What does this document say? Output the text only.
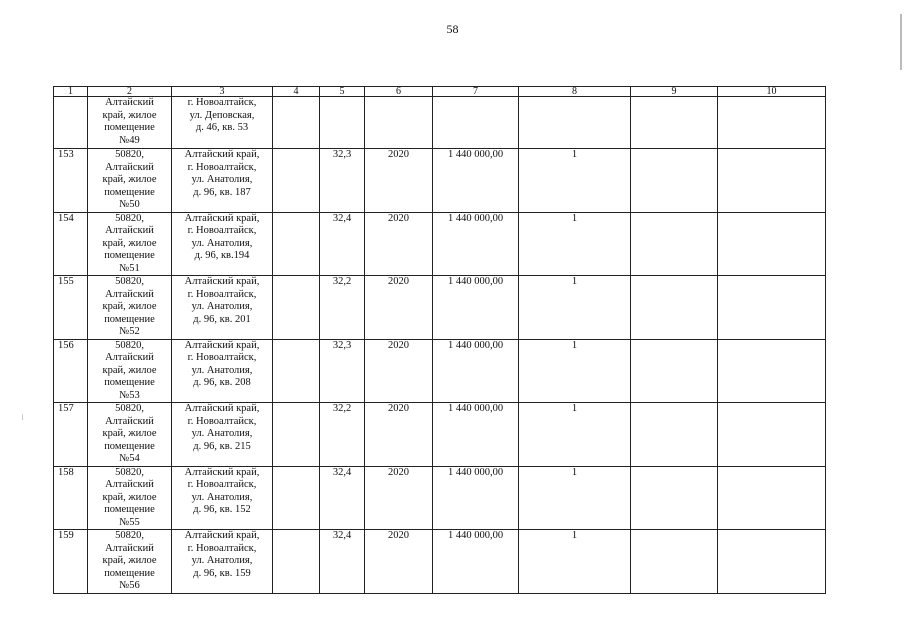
58
1	2	3	4	5	6	7	8	9	10

	Алтайский
край, жилое
помещение
№49	г. Новоалтайск,
ул. Деповская,
д. 46, кв. 53							

153	50820,
Алтайский
край, жилое
помещение
№50	Алтайский край,
г. Новоалтайск,
ул. Анатолия,
д. 96, кв. 187		32,3	2020	1 440 000,00	1		
154	50820,
Алтайский
край, жилое
помещение
№51	Алтайский край,
г. Новоалтайск,
ул. Анатолия,
д. 96, кв.194		32,4	2020	1 440 000,00	1		
155	50820,
Алтайский
край, жилое
помещение
№52	Алтайский край,
г. Новоалтайск,
ул. Анатолия,
д. 96, кв. 201		32,2	2020	1 440 000,00	1		
156	50820,
Алтайский
край, жилое
помещение
№53	Алтайский край,
г. Новоалтайск,
ул. Анатолия,
д. 96, кв. 208		32,3	2020	1 440 000,00	1		
157	50820,
Алтайский
край, жилое
помещение
№54	Алтайский край,
г. Новоалтайск,
ул. Анатолия,
д. 96, кв. 215		32,2	2020	1 440 000,00	1		
158	50820,
Алтайский
край, жилое
помещение
№55	Алтайский край,
г. Новоалтайск,
ул. Анатолия,
д. 96, кв. 152		32,4	2020	1 440 000,00	1		
159	50820,
Алтайский
край, жилое
помещение
№56	Алтайский край,
г. Новоалтайск,
ул. Анатолия,
д. 96, кв. 159		32,4	2020	1 440 000,00	1		
